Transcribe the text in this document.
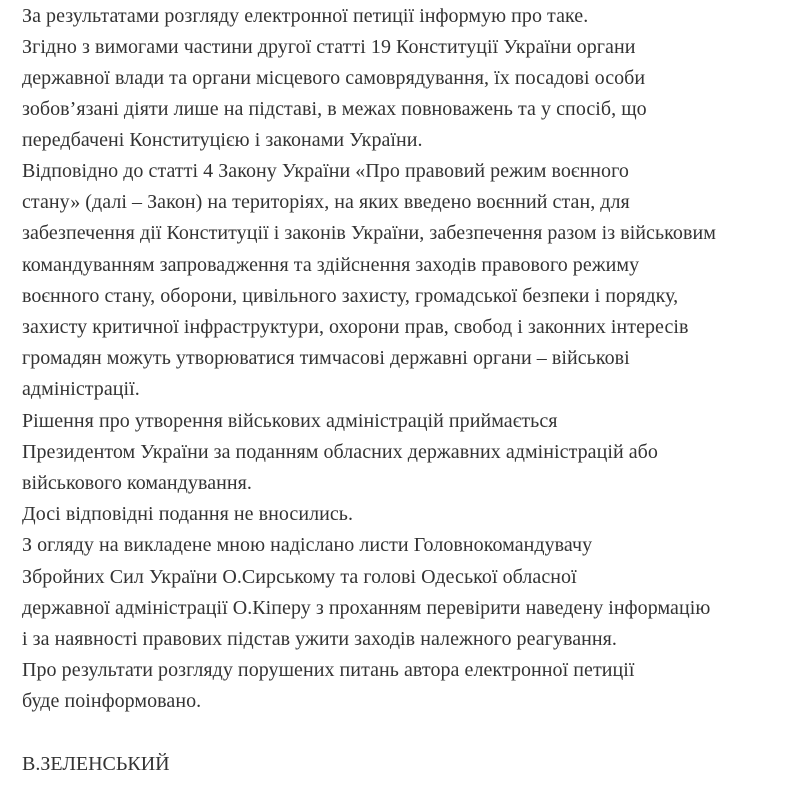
За результатами розгляду електронної петиції інформую про таке.
Згідно з вимогами частини другої статті 19 Конституції України органи
державної влади та органи місцевого самоврядування, їх посадові особи
зобов’язані діяти лише на підставі, в межах повноважень та у спосіб, що
передбачені Конституцією і законами України.
Відповідно до статті 4 Закону України «Про правовий режим воєнного
стану» (далі – Закон) на територіях, на яких введено воєнний стан, для
забезпечення дії Конституції і законів України, забезпечення разом із військовим
командуванням запровадження та здійснення заходів правового режиму
воєнного стану, оборони, цивільного захисту, громадської безпеки і порядку,
захисту критичної інфраструктури, охорони прав, свобод і законних інтересів
громадян можуть утворюватися тимчасові державні органи – військові
адміністрації.
Рішення про утворення військових адміністрацій приймається
Президентом України за поданням обласних державних адміністрацій або
військового командування.
Досі відповідні подання не вносились.
З огляду на викладене мною надіслано листи Головнокомандувачу
Збройних Сил України О.Сирському та голові Одеської обласної
державної адміністрації О.Кіперу з проханням перевірити наведену інформацію
і за наявності правових підстав ужити заходів належного реагування.
Про результати розгляду порушених питань автора електронної петиції
буде поінформовано.
В.ЗЕЛЕНСЬКИЙ
